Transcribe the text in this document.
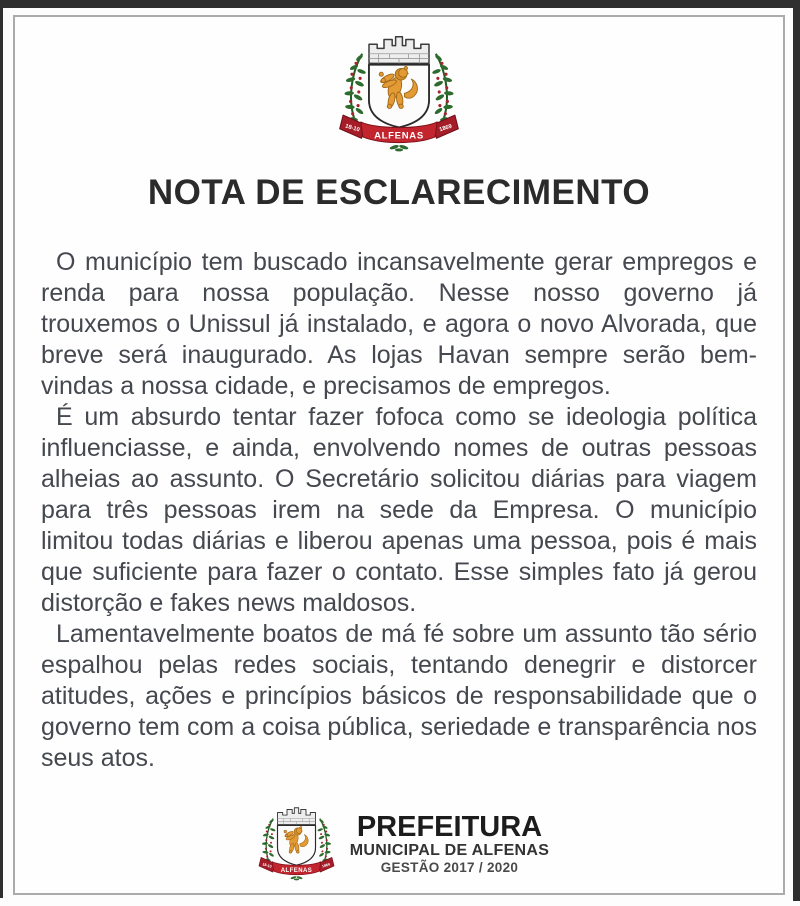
NOTA DE ESCLARECIMENTO

O município tem buscado incansavelmente gerar empregos e renda para nossa população. Nesse nosso governo já trouxemos o Unissul já instalado, e agora o novo Alvorada, que breve será inaugurado. As lojas Havan sempre serão bem-vindas a nossa cidade, e precisamos de empregos.

É um absurdo tentar fazer fofoca como se ideologia política influenciasse, e ainda, envolvendo nomes de outras pessoas alheias ao assunto. O Secretário solicitou diárias para viagem para três pessoas irem na sede da Empresa. O município limitou todas diárias e liberou apenas uma pessoa, pois é mais que suficiente para fazer o contato. Esse simples fato já gerou distorção e fakes news maldosos.

Lamentavelmente boatos de má fé sobre um assunto tão sério espalhou pelas redes sociais, tentando denegrir e distorcer atitudes, ações e princípios básicos de responsabilidade que o governo tem com a coisa pública, seriedade e transparência nos seus atos.

PREFEITURA
MUNICIPAL DE ALFENAS
GESTÃO 2017 / 2020
